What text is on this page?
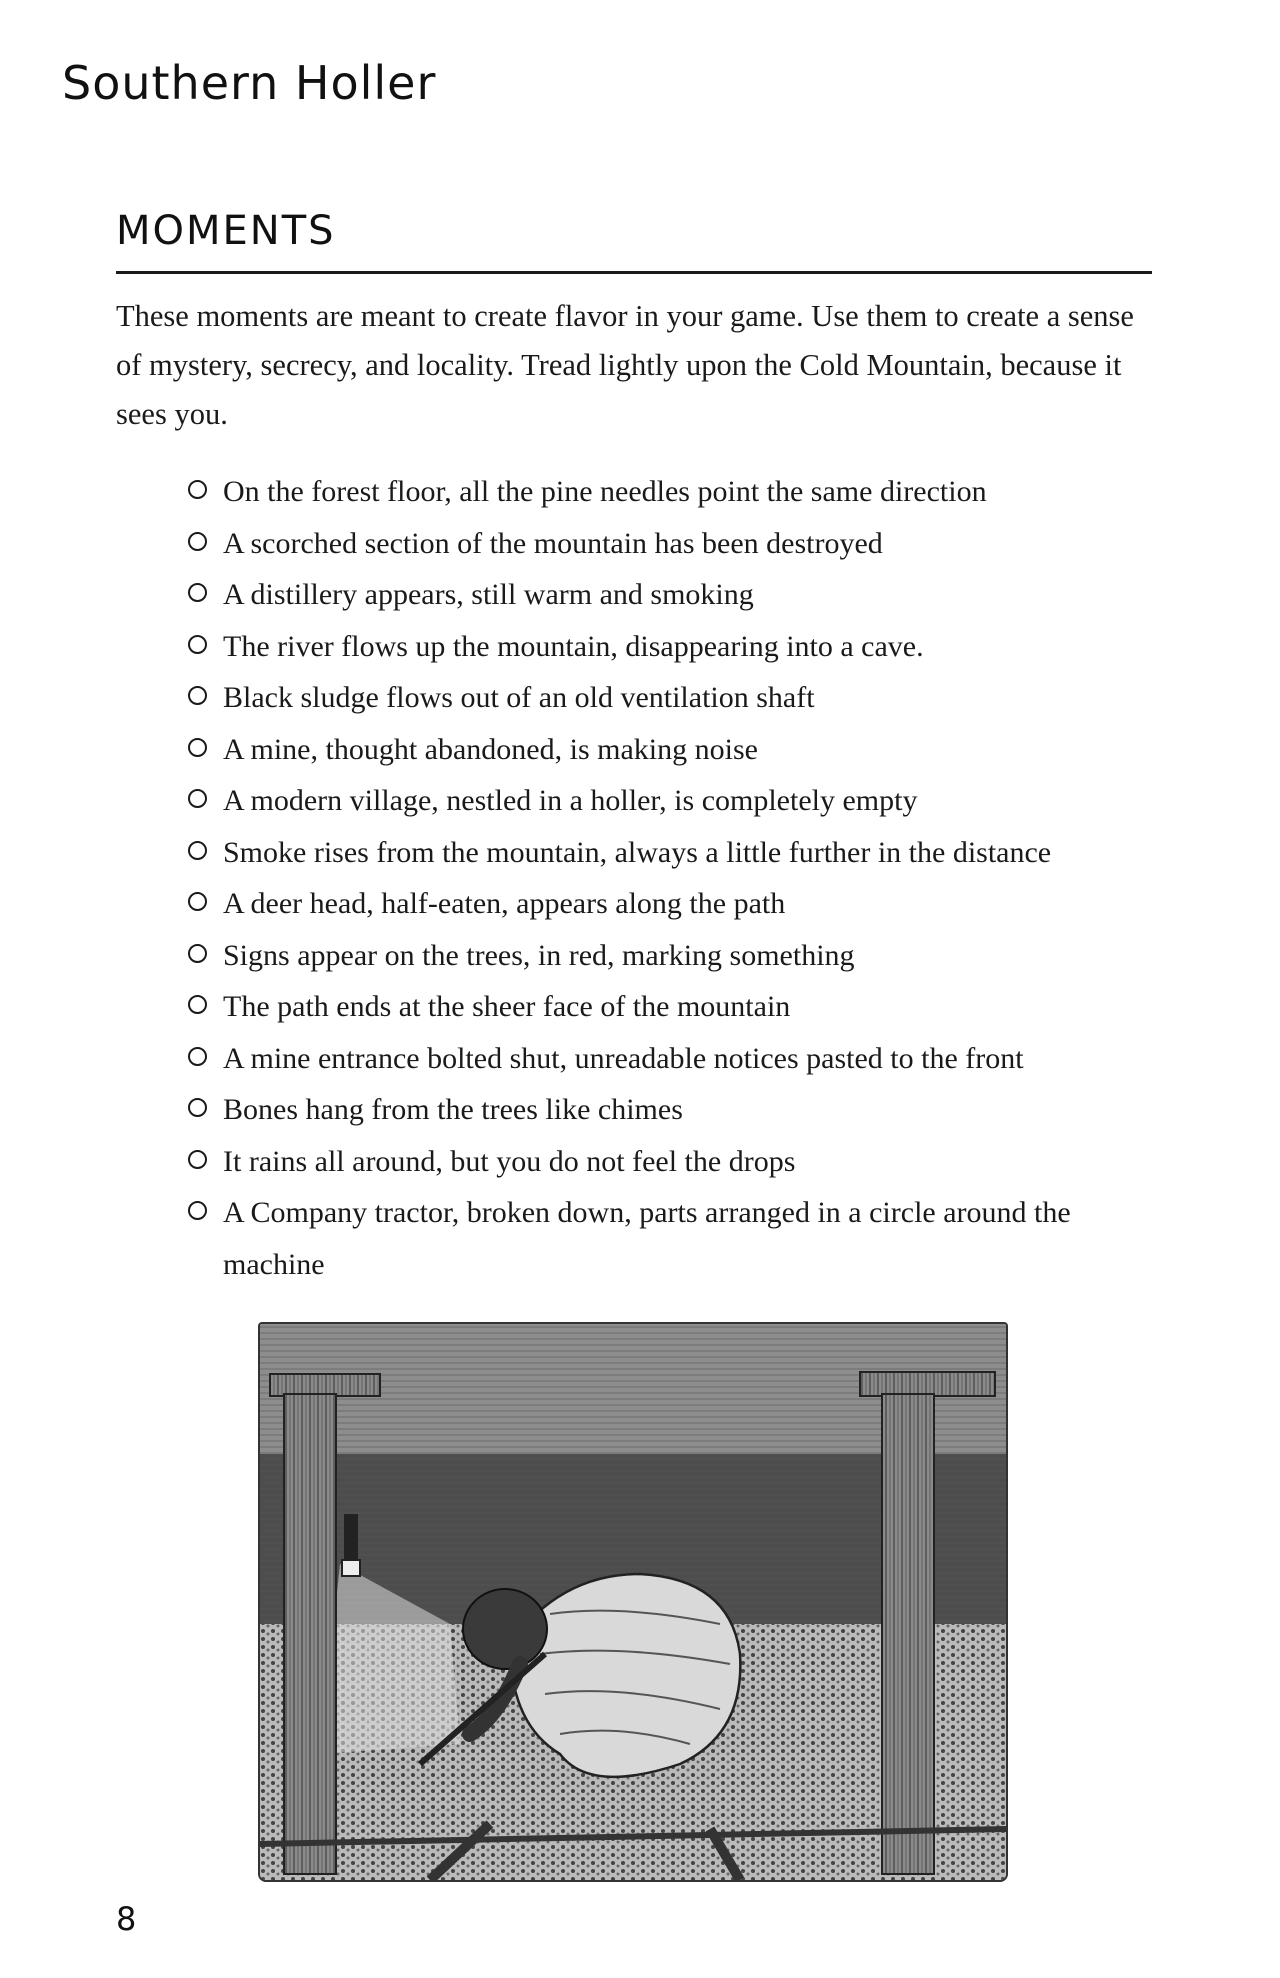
Southern Holler
MOMENTS

These moments are meant to create flavor in your game. Use them to create a sense of mystery, secrecy, and locality. Tread lightly upon the Cold Mountain, because it sees you.

On the forest floor, all the pine needles point the same direction
A scorched section of the mountain has been destroyed
A distillery appears, still warm and smoking
The river flows up the mountain, disappearing into a cave.
Black sludge flows out of an old ventilation shaft
A mine, thought abandoned, is making noise
A modern village, nestled in a holler, is completely empty
Smoke rises from the mountain, always a little further in the distance
A deer head, half-eaten, appears along the path
Signs appear on the trees, in red, marking something
The path ends at the sheer face of the mountain
A mine entrance bolted shut, unreadable notices pasted to the front
Bones hang from the trees like chimes
It rains all around, but you do not feel the drops
A Company tractor, broken down, parts arranged in a circle around the machine
8
